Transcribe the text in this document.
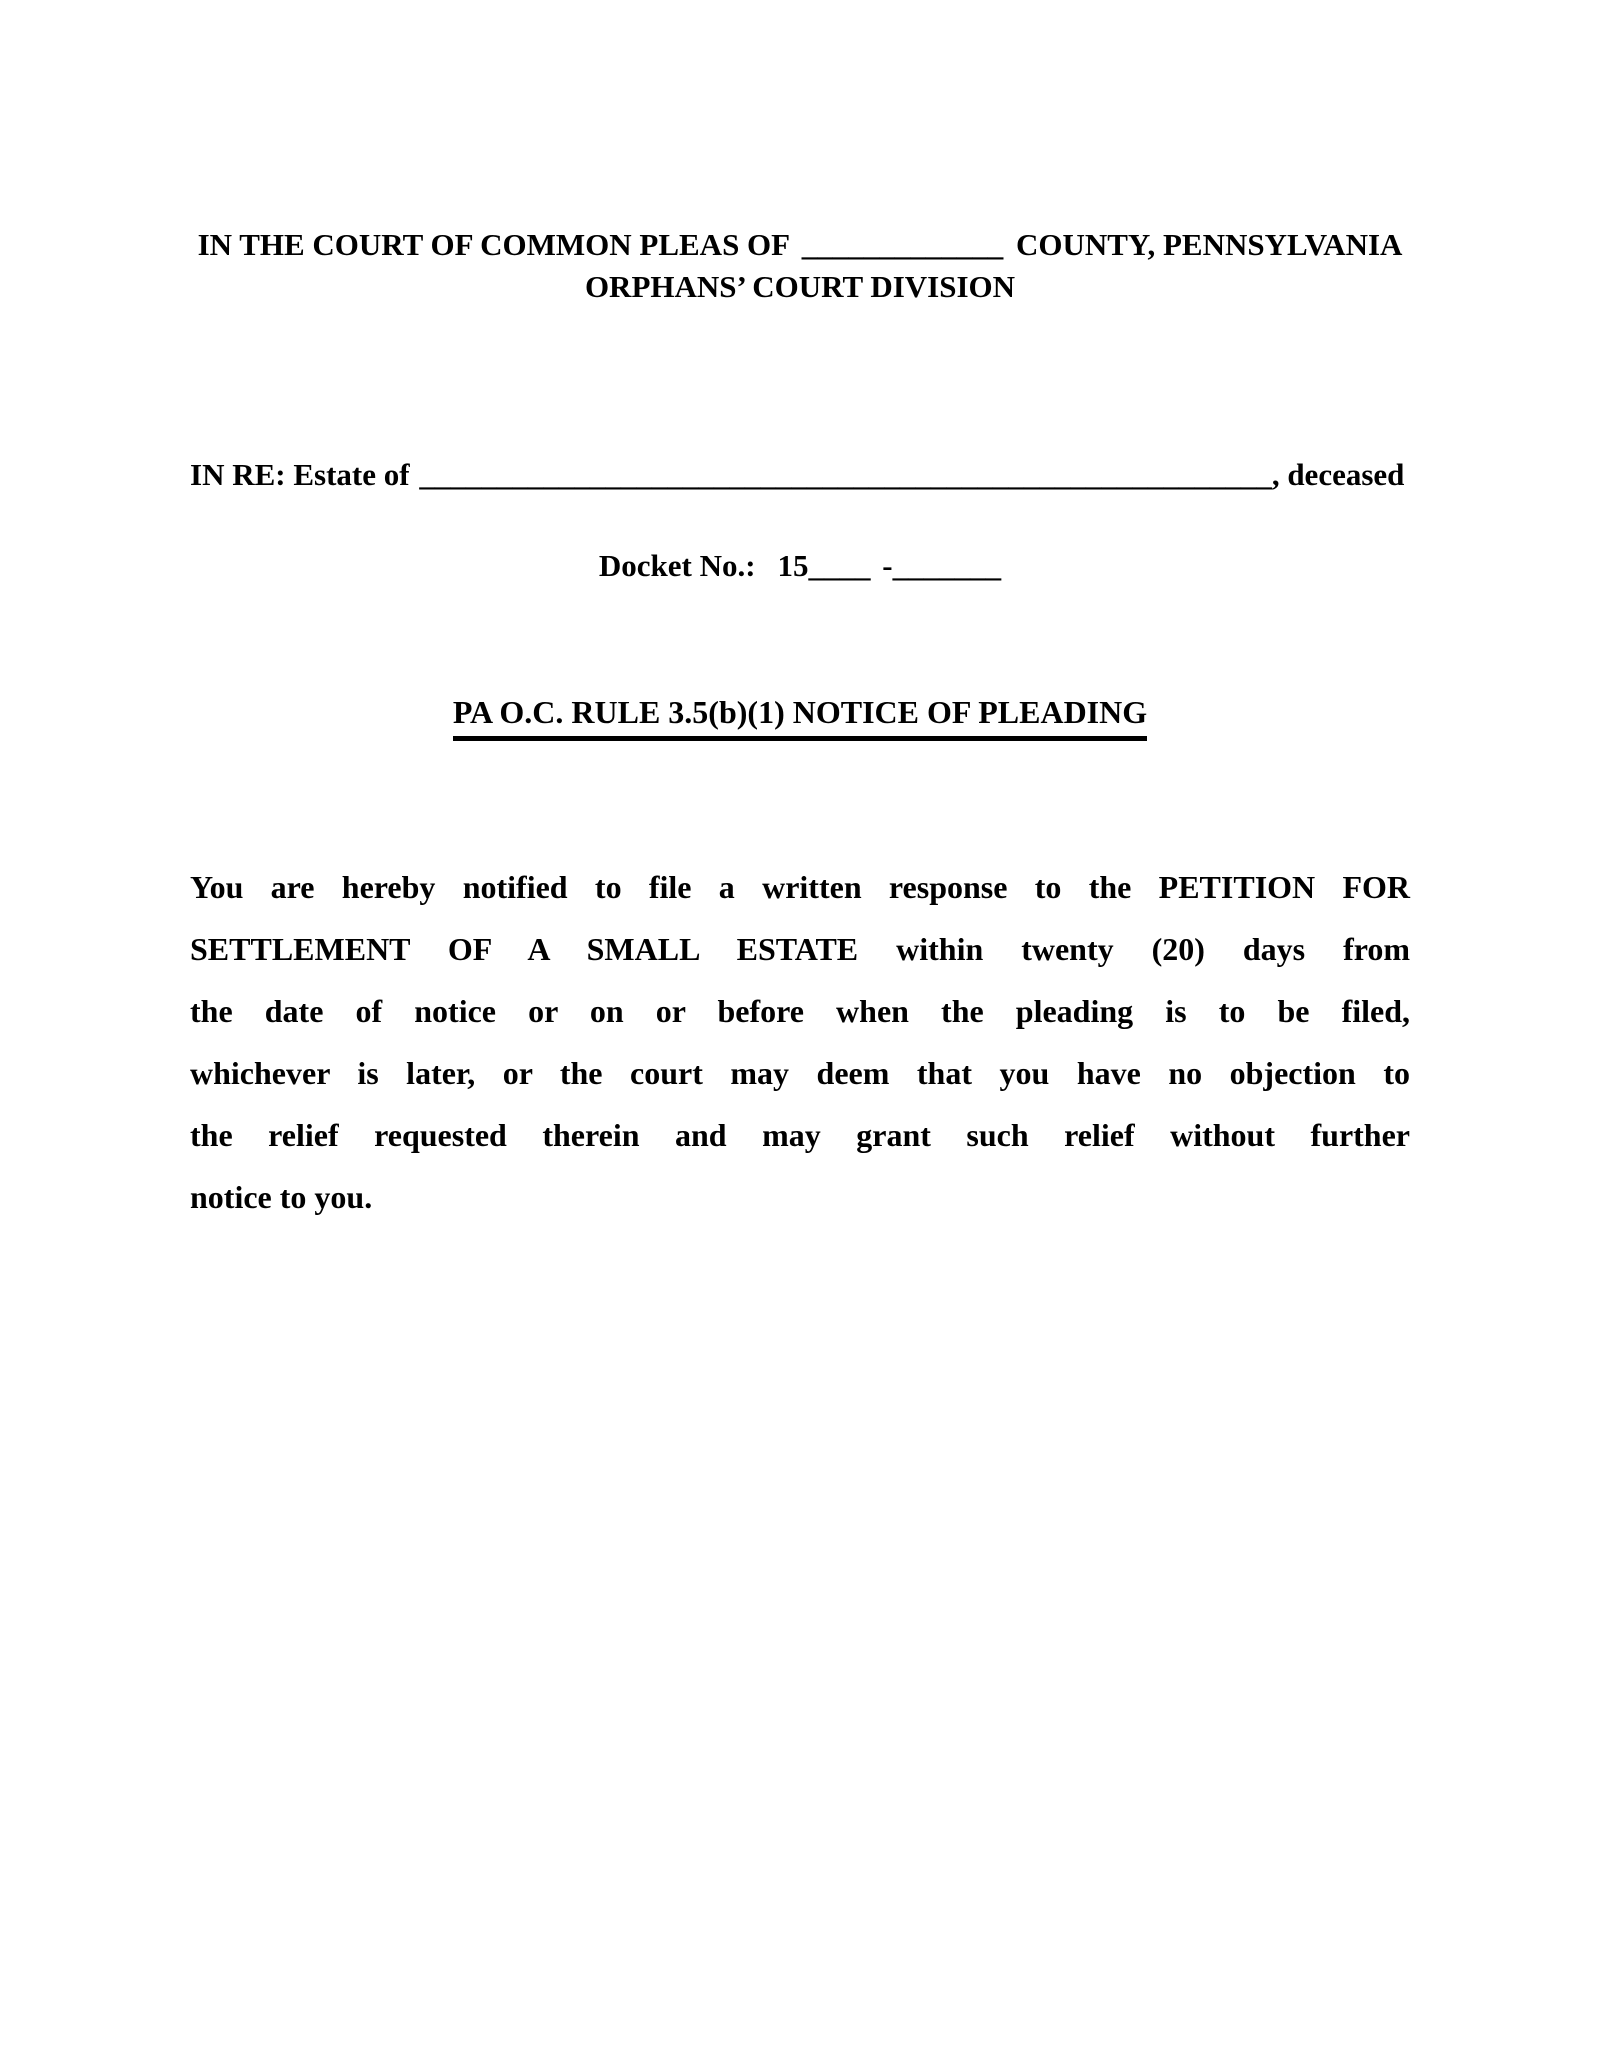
IN THE COURT OF COMMON PLEAS OF _____________ COUNTY, PENNSYLVANIA
ORPHANS’ COURT DIVISION
IN RE: Estate of _______________________________________________________, deceased
Docket No.: 15____ -_______
PA O.C. RULE 3.5(b)(1) NOTICE OF PLEADING
You are hereby notified to file a written response to the PETITION FOR
SETTLEMENT OF A SMALL ESTATE within twenty (20) days from
the date of notice or on or before when the pleading is to be filed,
whichever is later, or the court may deem that you have no objection to
the relief requested therein and may grant such relief without further
notice to you.
